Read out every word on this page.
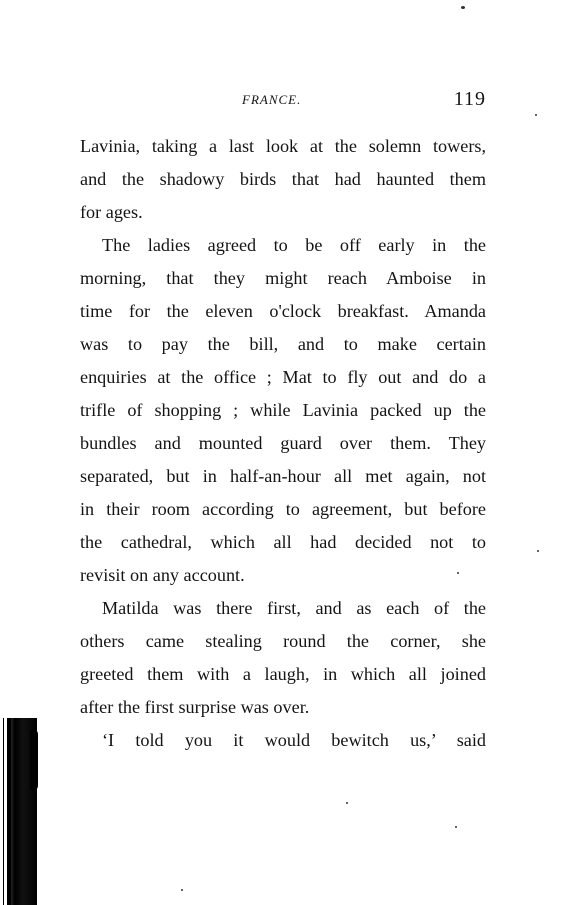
FRANCE.	119
Lavinia, taking a last look at the solemn towers,
and the shadowy birds that had haunted them
for ages.
The ladies agreed to be off early in the
morning, that they might reach Amboise in
time for the eleven o'clock breakfast. Amanda
was to pay the bill, and to make certain
enquiries at the office ; Mat to fly out and do a
trifle of shopping ; while Lavinia packed up the
bundles and mounted guard over them. They
separated, but in half-an-hour all met again, not
in their room according to agreement, but before
the cathedral, which all had decided not to
revisit on any account.
Matilda was there first, and as each of the
others came stealing round the corner, she
greeted them with a laugh, in which all joined
after the first surprise was over.
‘I told you it would bewitch us,’ said
